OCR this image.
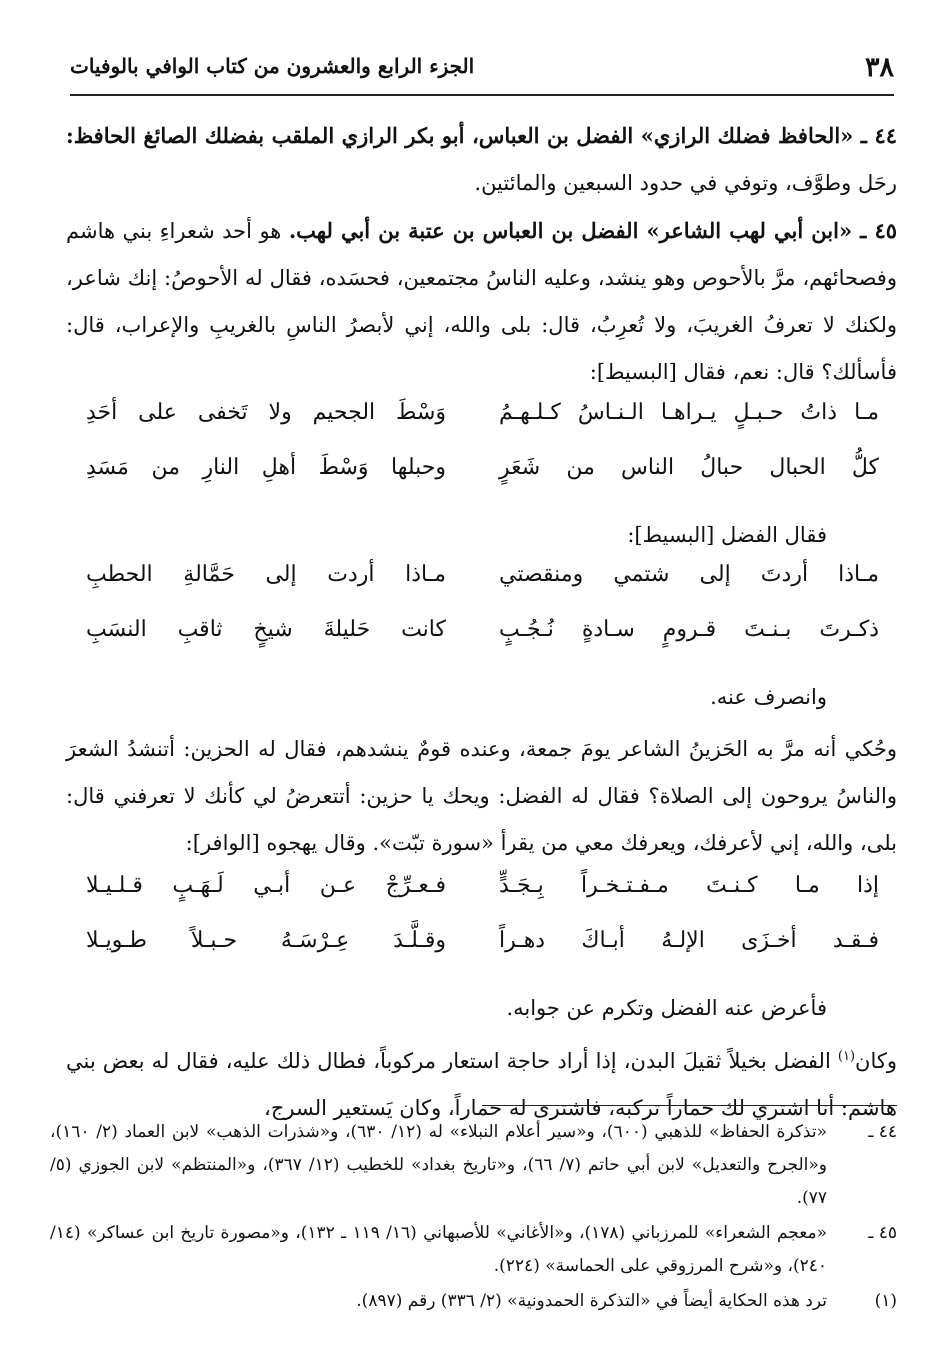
٣٨
الجزء الرابع والعشرون من كتاب الوافي بالوفيات

٤٤ ـ «الحافظ فضلك الرازي» الفضل بن العباس، أبو بكر الرازي الملقب بفضلك الصائغ الحافظ: رحَل وطوَّف، وتوفي في حدود السبعين والمائتين.

٤٥ ـ «ابن أبي لهب الشاعر» الفضل بن العباس بن عتبة بن أبي لهب. هو أحد شعراءِ بني هاشم وفصحائهم، مرَّ بالأحوص وهو ينشد، وعليه الناسُ مجتمعين، فحسَده، فقال له الأحوصُ: إنك شاعر، ولكنك لا تعرفُ الغريبَ، ولا تُعرِبُ، قال: بلى والله، إني لأبصرُ الناسِ بالغريبِ والإعراب، قال: فأسألك؟ قال: نعم، فقال [البسيط]:

مـا ذاتُ حـبـلٍ يـراهـا الـنـاسُ كـلـهـمُ
وَسْطَ الجحيم ولا تَخفى على أحَدِ
كلُّ الحبال حبالُ الناس من شَعَرٍ
وحبلها وَسْطَ أهلِ النارِ من مَسَدِ

فقال الفضل [البسيط]:

مـاذا أردتَ إلى شتمي ومنقصتي
مـاذا أردت إلى حَمَّالةِ الحطبِ
ذكـرتَ بـنـتَ قـرومٍ سـادةٍ نُـجُـبٍ
كانت حَليلةَ شيخٍ ثاقبِ النسَبِ

وانصرف عنه.

وحُكي أنه مرَّ به الحَزينُ الشاعر يومَ جمعة، وعنده قومٌ ينشدهم، فقال له الحزين: أتنشدُ الشعرَ والناسُ يروحون إلى الصلاة؟ فقال له الفضل: ويحك يا حزين: أتتعرضُ لي كأنك لا تعرفني قال: بلى، والله، إني لأعرفك، ويعرفك معي من يقرأ «سورة تبّت». وقال يهجوه [الوافر]:

إذا مـا كـنـتَ مـفـتـخـراً بِـجَـدٍّ
فـعـرِّجْ عـن أبـي لَـهَـبٍ قـلـيـلا
فـقـد أخـزَى الإلـهُ أبـاكَ دهـراً
وقـلَّـدَ عِـرْسَـهُ حـبـلاً طـويـلا

فأعرض عنه الفضل وتكرم عن جوابه.

وكان$^{(١)}$ الفضل بخيلاً ثقيلَ البدن، إذا أراد حاجة استعار مركوباً، فطال ذلك عليه، فقال له بعض بني هاشم: أنا اشتري لك حماراً تركبه، فاشترى له حماراً، وكان يَستعير السرج،

٤٤ ـ
«تذكرة الحفاظ» للذهبي (٦٠٠)، و«سير أعلام النبلاء» له (١٢/ ٦٣٠)، و«شذرات الذهب» لابن العماد (٢/ ١٦٠)، و«الجرح والتعديل» لابن أبي حاتم (٧/ ٦٦)، و«تاريخ بغداد» للخطيب (١٢/ ٣٦٧)، و«المنتظم» لابن الجوزي (٥/ ٧٧).

٤٥ ـ
«معجم الشعراء» للمرزباني (١٧٨)، و«الأغاني» للأصبهاني (١٦/ ١١٩ ـ ١٣٢)، و«مصورة تاريخ ابن عساكر» (١٤/ ٢٤٠)، و«شرح المرزوقي على الحماسة» (٢٢٤).

(١)
ترد هذه الحكاية أيضاً في «التذكرة الحمدونية» (٢/ ٣٣٦) رقم (٨٩٧).
